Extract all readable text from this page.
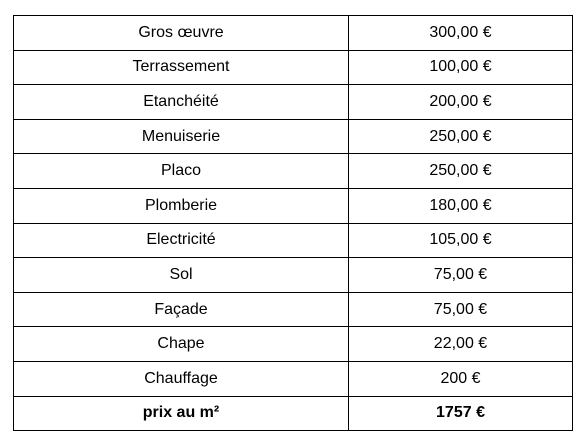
Gros œuvre	300,00 €
Terrassement	100,00 €
Etanchéité	200,00 €
Menuiserie	250,00 €
Placo	250,00 €
Plomberie	180,00 €
Electricité	105,00 €
Sol	75,00 €
Façade	75,00 €
Chape	22,00 €
Chauffage	200 €
prix au m²	1757 €
